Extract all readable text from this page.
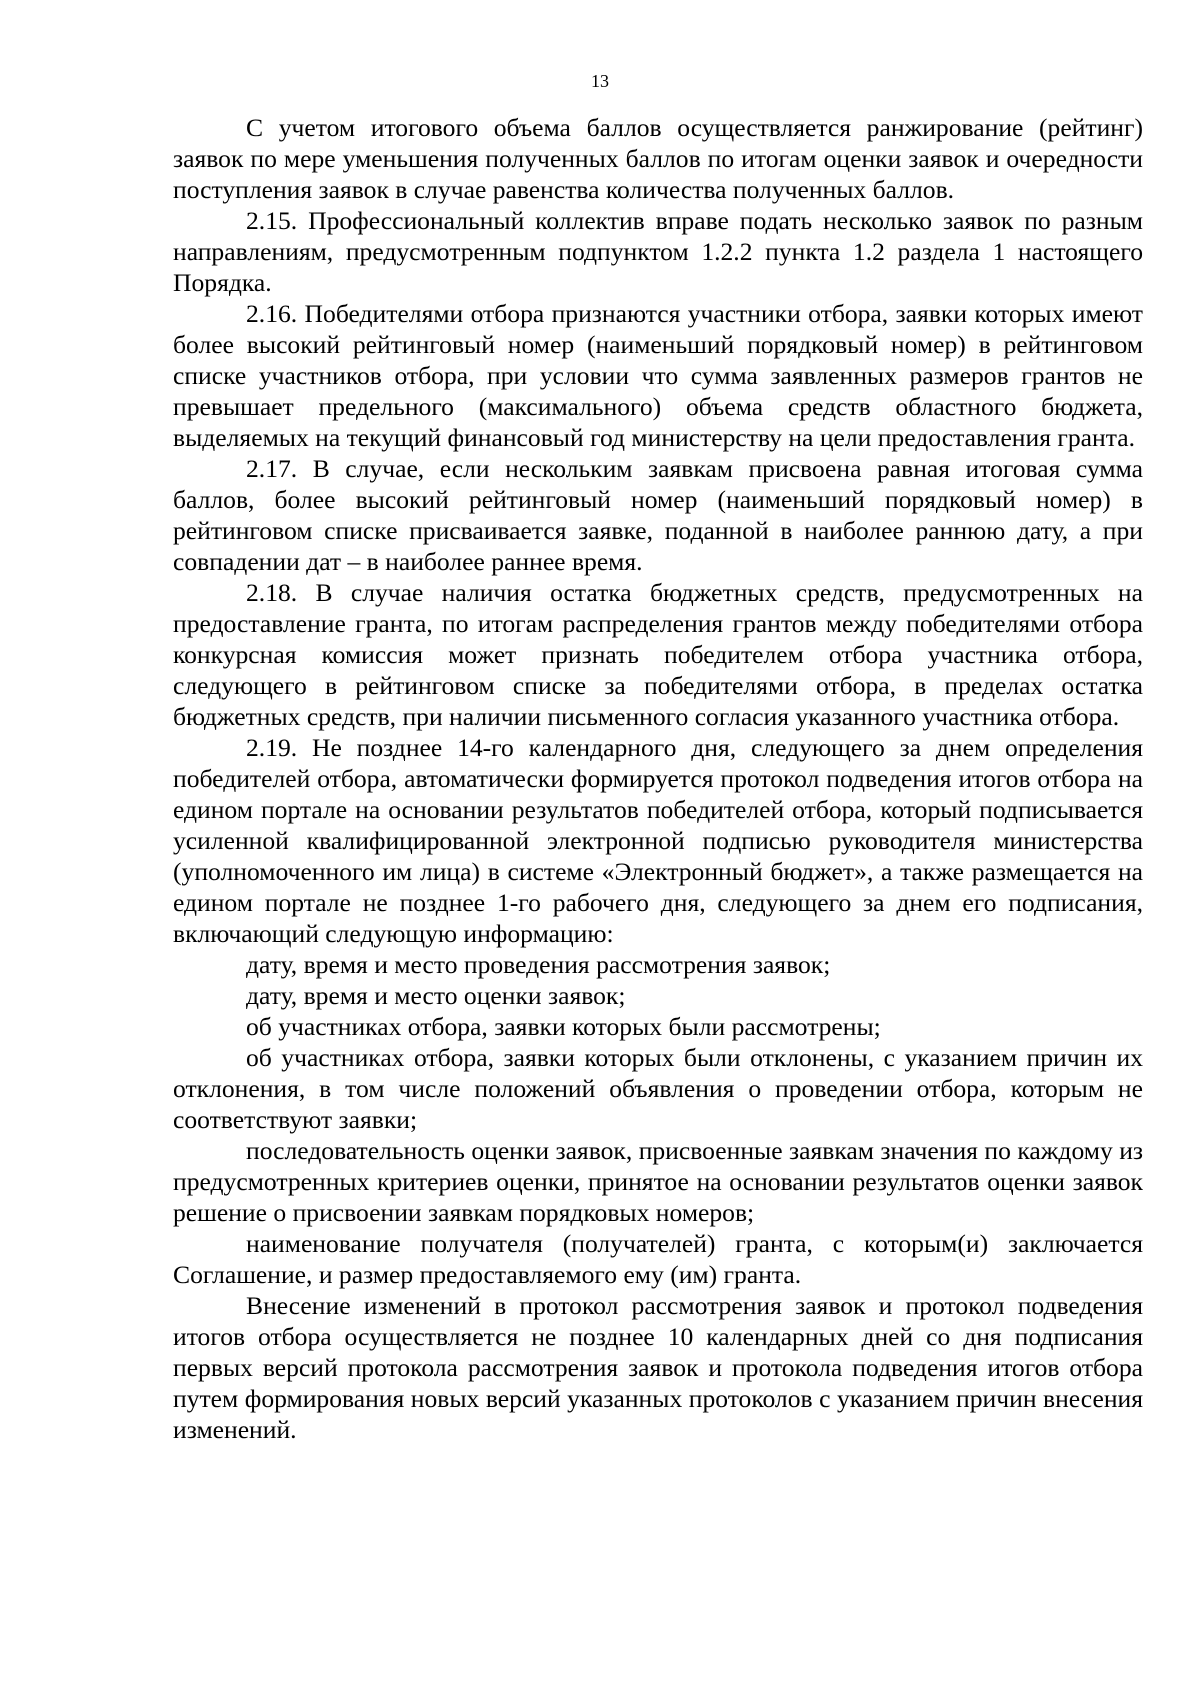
13

С учетом итогового объема баллов осуществляется ранжирование (рейтинг) заявок по мере уменьшения полученных баллов по итогам оценки заявок и очередности поступления заявок в случае равенства количества полученных баллов.

2.15. Профессиональный коллектив вправе подать несколько заявок по разным направлениям, предусмотренным подпунктом 1.2.2 пункта 1.2 раздела 1 настоящего Порядка.

2.16. Победителями отбора признаются участники отбора, заявки которых имеют более высокий рейтинговый номер (наименьший порядковый номер) в рейтинговом списке участников отбора, при условии что сумма заявленных размеров грантов не превышает предельного (максимального) объема средств областного бюджета, выделяемых на текущий финансовый год министерству на цели предоставления гранта.

2.17. В случае, если нескольким заявкам присвоена равная итоговая сумма баллов, более высокий рейтинговый номер (наименьший порядковый номер) в рейтинговом списке присваивается заявке, поданной в наиболее раннюю дату, а при совпадении дат – в наиболее раннее время.

2.18. В случае наличия остатка бюджетных средств, предусмотренных на предоставление гранта, по итогам распределения грантов между победителями отбора конкурсная комиссия может признать победителем отбора участника отбора, следующего в рейтинговом списке за победителями отбора, в пределах остатка бюджетных средств, при наличии письменного согласия указанного участника отбора.

2.19. Не позднее 14-го календарного дня, следующего за днем определения победителей отбора, автоматически формируется протокол подведения итогов отбора на едином портале на основании результатов победителей отбора, который подписывается усиленной квалифицированной электронной подписью руководителя министерства (уполномоченного им лица) в системе «Электронный бюджет», а также размещается на едином портале не позднее 1-го рабочего дня, следующего за днем его подписания, включающий следующую информацию:

дату, время и место проведения рассмотрения заявок;

дату, время и место оценки заявок;

об участниках отбора, заявки которых были рассмотрены;

об участниках отбора, заявки которых были отклонены, с указанием причин их отклонения, в том числе положений объявления о проведении отбора, которым не соответствуют заявки;

последовательность оценки заявок, присвоенные заявкам значения по каждому из предусмотренных критериев оценки, принятое на основании результатов оценки заявок решение о присвоении заявкам порядковых номеров;

наименование получателя (получателей) гранта, с которым(и) заключается Соглашение, и размер предоставляемого ему (им) гранта.

Внесение изменений в протокол рассмотрения заявок и протокол подведения итогов отбора осуществляется не позднее 10 календарных дней со дня подписания первых версий протокола рассмотрения заявок и протокола подведения итогов отбора путем формирования новых версий указанных протоколов с указанием причин внесения изменений.
